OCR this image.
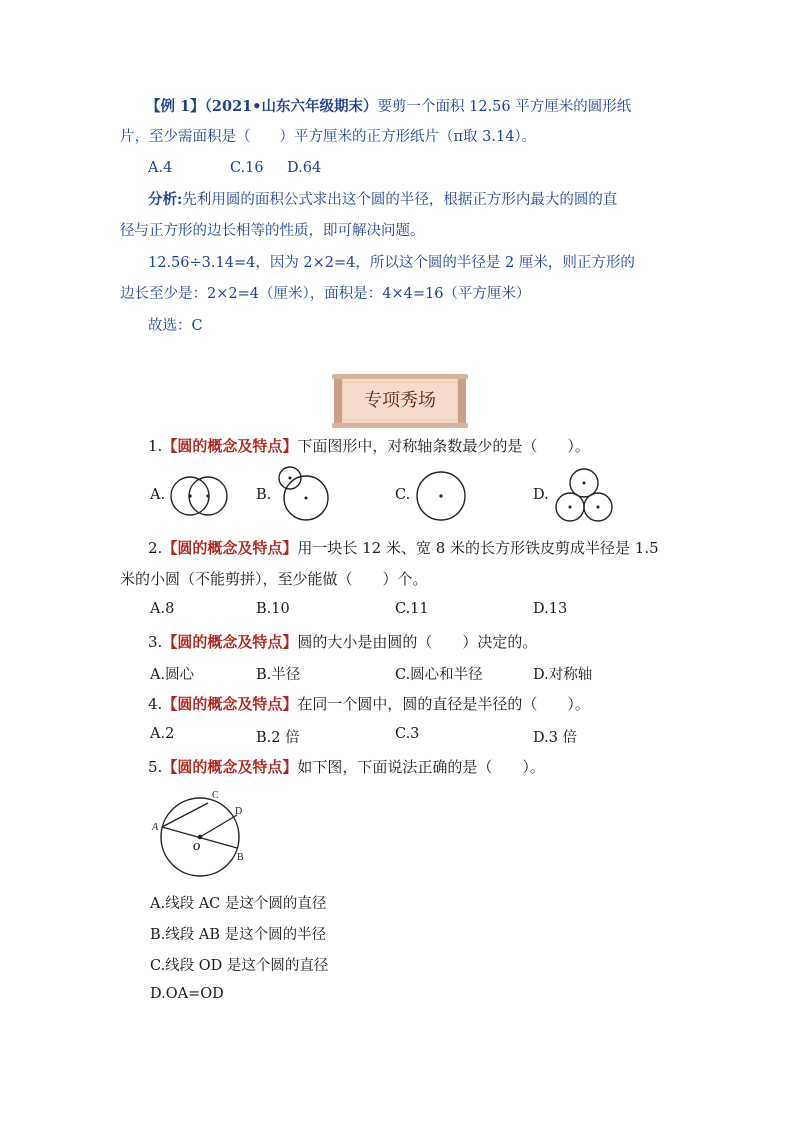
【例 1】（2021•山东六年级期末）要剪一个面积 12.56 平方厘米的圆形纸
片，至少需面积是（　　）平方厘米的正方形纸片（π取 3.14）。
A.4	C.16 D.64
分析:先利用圆的面积公式求出这个圆的半径，根据正方形内最大的圆的直
径与正方形的边长相等的性质，即可解决问题。
12.56÷3.14=4，因为 2×2=4，所以这个圆的半径是 2 厘米，则正方形的
边长至少是：2×2=4（厘米），面积是：4×4=16（平方厘米）
故选：C
专项秀场
1.【圆的概念及特点】下面图形中，对称轴条数最少的是（　　）。
A.	B.	C.	D.
2.【圆的概念及特点】用一块长 12 米、宽 8 米的长方形铁皮剪成半径是 1.5
米的小圆（不能剪拼），至少能做（　　）个。
A.8	B.10	C.11	D.13
3.【圆的概念及特点】圆的大小是由圆的（　　）决定的。
A.圆心	B.半径	C.圆心和半径	D.对称轴
4.【圆的概念及特点】在同一个圆中，圆的直径是半径的（　　）。
A.2	B.2 倍	C.3	D.3 倍
5.【圆的概念及特点】如下图，下面说法正确的是（　　）。
A
C
D
B
O
A.线段 AC 是这个圆的直径
B.线段 AB 是这个圆的半径
C.线段 OD 是这个圆的直径
D.OA=OD
